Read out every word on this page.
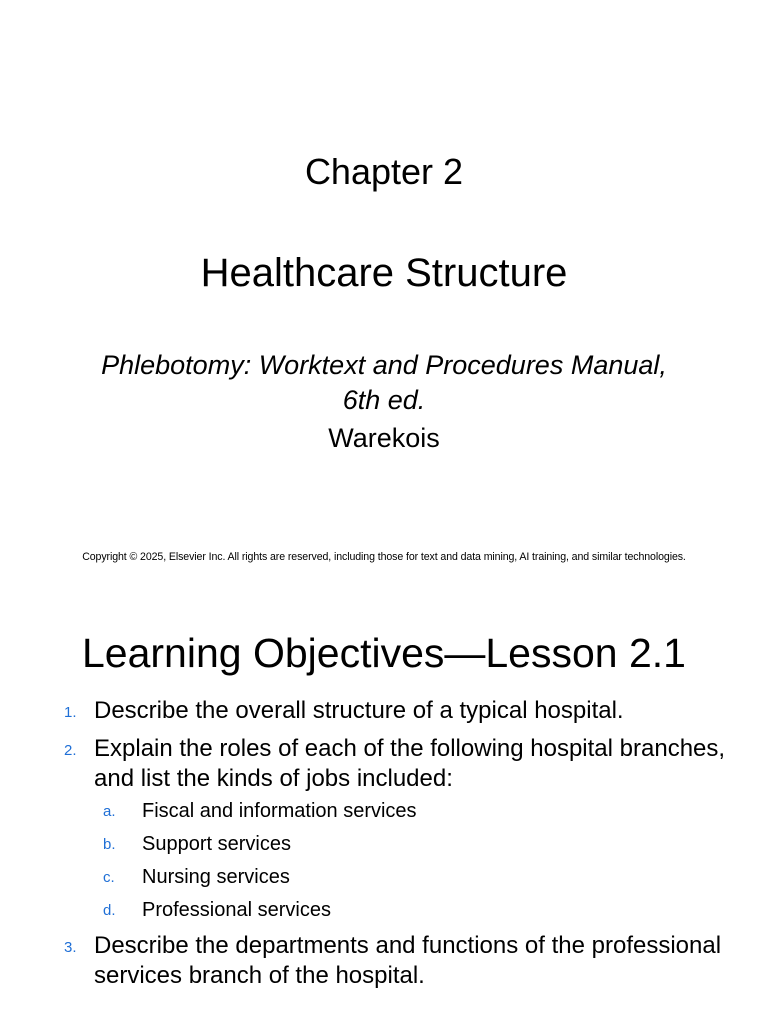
Chapter 2
Healthcare Structure
Phlebotomy: Worktext and Procedures Manual,
6th ed.
Warekois
Copyright © 2025, Elsevier Inc. All rights are reserved, including those for text and data mining, AI training, and similar technologies.
Learning Objectives—Lesson 2.1
1. Describe the overall structure of a typical hospital.
2. Explain the roles of each of the following hospital branches, and list the kinds of jobs included:
a. Fiscal and information services
b. Support services
c. Nursing services
d. Professional services
3. Describe the departments and functions of the professional services branch of the hospital.
